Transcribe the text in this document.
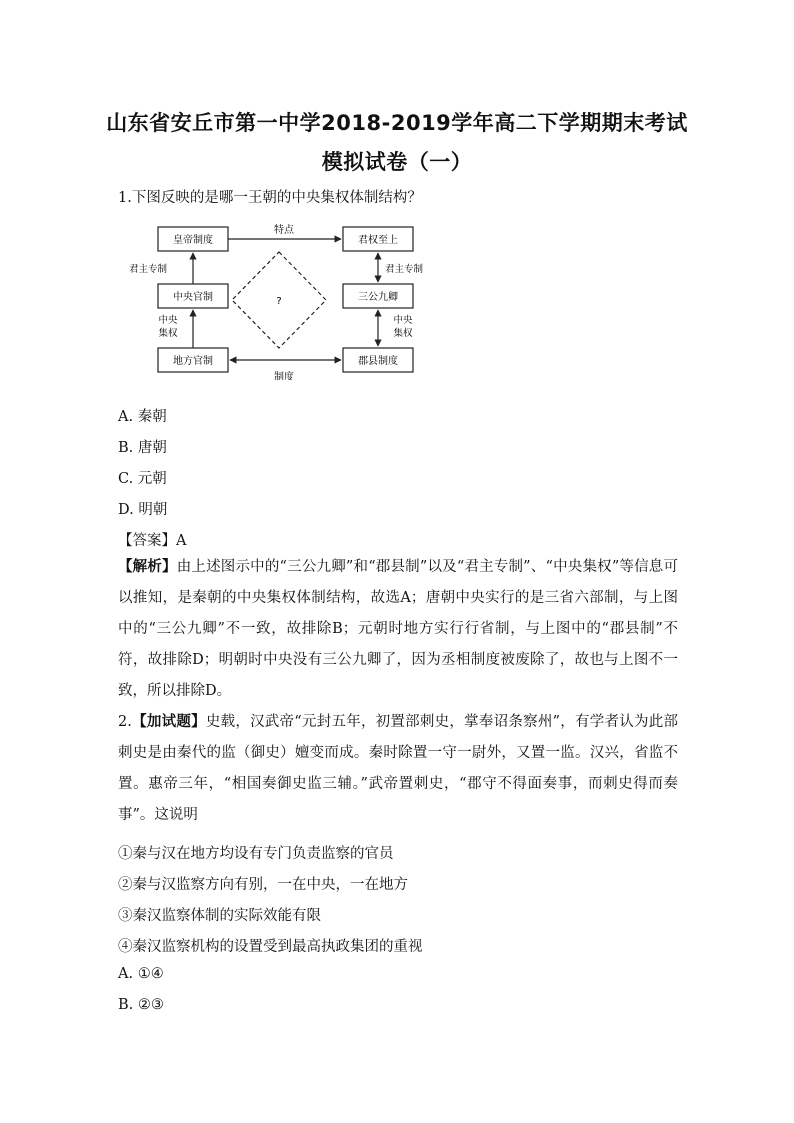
山东省安丘市第一中学2018-2019学年高二下学期期末考试
模拟试卷（一）
1.下图反映的是哪一王朝的中央集权体制结构？
皇帝制度
中央官制
地方官制
君权至上
三公九卿
郡县制度
特点
制度
君主专制
中央
集权
君主专制
中央
集权
?
A. 秦朝
B. 唐朝
C. 元朝
D. 明朝
【答案】A
【解析】由上述图示中的“三公九卿”和“郡县制”以及“君主专制”、“中央集权”等信息可以推知，是秦朝的中央集权体制结构，故选A；唐朝中央实行的是三省六部制，与上图中的“三公九卿”不一致，故排除B；元朝时地方实行行省制，与上图中的“郡县制”不符，故排除D；明朝时中央没有三公九卿了，因为丞相制度被废除了，故也与上图不一致，所以排除D。
2.【加试题】史载，汉武帝“元封五年，初置部刺史，掌奉诏条察州”，有学者认为此部刺史是由秦代的监（御史）嬗变而成。秦时除置一守一尉外，又置一监。汉兴，省监不置。惠帝三年，“相国奏御史监三辅。”武帝置刺史，“郡守不得面奏事，而刺史得而奏事”。这说明
①秦与汉在地方均设有专门负责监察的官员
②秦与汉监察方向有别，一在中央，一在地方
③秦汉监察体制的实际效能有限
④秦汉监察机构的设置受到最高执政集团的重视
A. ①④
B. ②③
